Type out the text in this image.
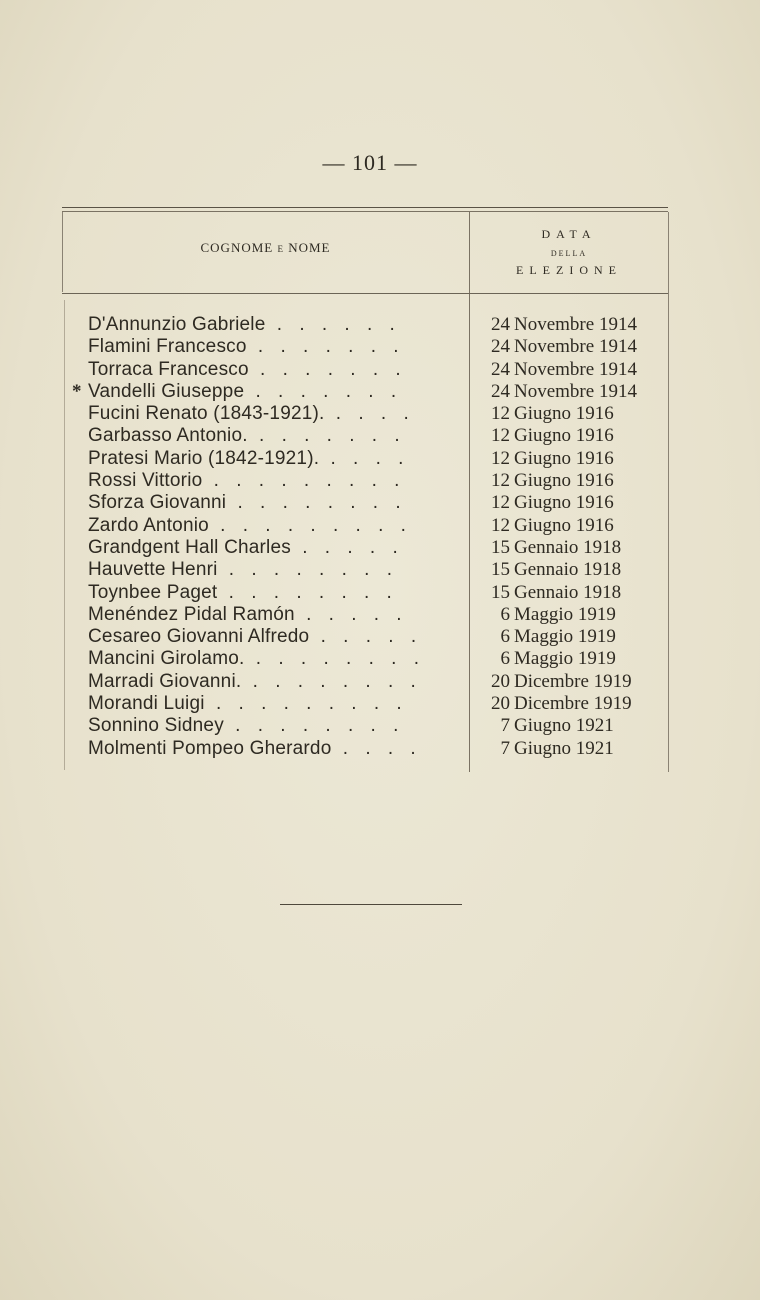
— 101 —
COGNOME e NOME
DATA
DELLA
ELEZIONE
D'Annunzio Gabriele . . . . . .	24 Novembre 1914
Flamini Francesco . . . . . . .	24 Novembre 1914
Torraca Francesco . . . . . . .	24 Novembre 1914
* Vandelli Giuseppe . . . . . . .	24 Novembre 1914
Fucini Renato (1843-1921). . . . .	12 Giugno 1916
Garbasso Antonio. . . . . . . .	12 Giugno 1916
Pratesi Mario (1842-1921). . . . .	12 Giugno 1916
Rossi Vittorio . . . . . . . . .	12 Giugno 1916
Sforza Giovanni . . . . . . . .	12 Giugno 1916
Zardo Antonio . . . . . . . . .	12 Giugno 1916
Grandgent Hall Charles . . . . .	15 Gennaio 1918
Hauvette Henri . . . . . . . .	15 Gennaio 1918
Toynbee Paget . . . . . . . .	15 Gennaio 1918
Menéndez Pidal Ramón . . . . .	6 Maggio 1919
Cesareo Giovanni Alfredo . . . . .	6 Maggio 1919
Mancini Girolamo. . . . . . . . .	6 Maggio 1919
Marradi Giovanni. . . . . . . . .	20 Dicembre 1919
Morandi Luigi . . . . . . . . .	20 Dicembre 1919
Sonnino Sidney . . . . . . . .	7 Giugno 1921
Molmenti Pompeo Gherardo . . . .	7 Giugno 1921
